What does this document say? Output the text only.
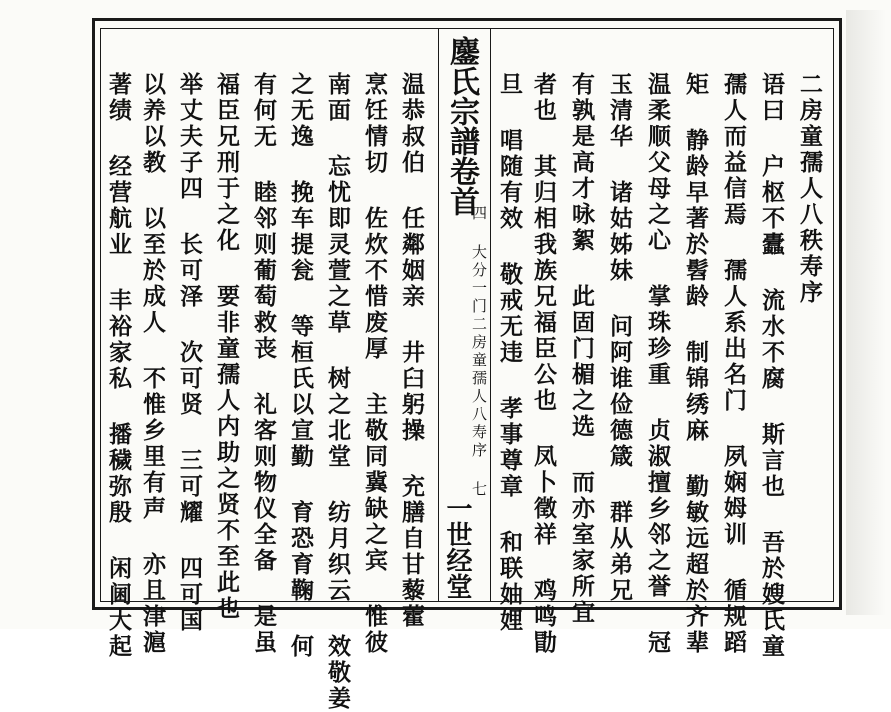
鏖氏宗譜卷首
四 大分一门二房童孺人八寿序 七
一世经堂
二房童孺人八秩寿序
语曰 户枢不蠹 流水不腐 斯言也 吾於嫂氏童
孺人而益信焉 孺人系出名门 夙娴姆训 循规蹈
矩 静龄早著於髫龄 制锦绣麻 勤敏远超於齐辈
温柔顺父母之心 掌珠珍重 贞淑擅乡邻之誉 冠
玉清华 诸姑姊妹 问阿谁俭德箴 群从弟兄
有孰是高才咏絮 此固门楣之选 而亦室家所宜
者也 其归相我族兄福臣公也 凤卜徵祥 鸡鸣勖
旦 唱随有效 敬戒无违 孝事尊章 和联妯娌
温恭叔伯 任鄰姻亲 井臼躬操 充膳自甘藜藿
烹饪情切 佐炊不惜废厚 主敬同冀缺之宾 惟彼
南面 忘忧即灵萱之草 树之北堂 纺月织云 效敬姜
之无逸 挽车提瓮 等桓氏以宣勤 育恐育鞠 何
有何无 睦邻则葡萄救丧 礼客则物仪全备 是虽
福臣兄刑于之化 要非童孺人内助之贤不至此也
举丈夫子四 长可泽 次可贤 三可耀 四可国
以养以教 以至於成人 不惟乡里有声 亦且津滬
著绩 经营航业 丰裕家私 播穢弥殷 闲阃大起
